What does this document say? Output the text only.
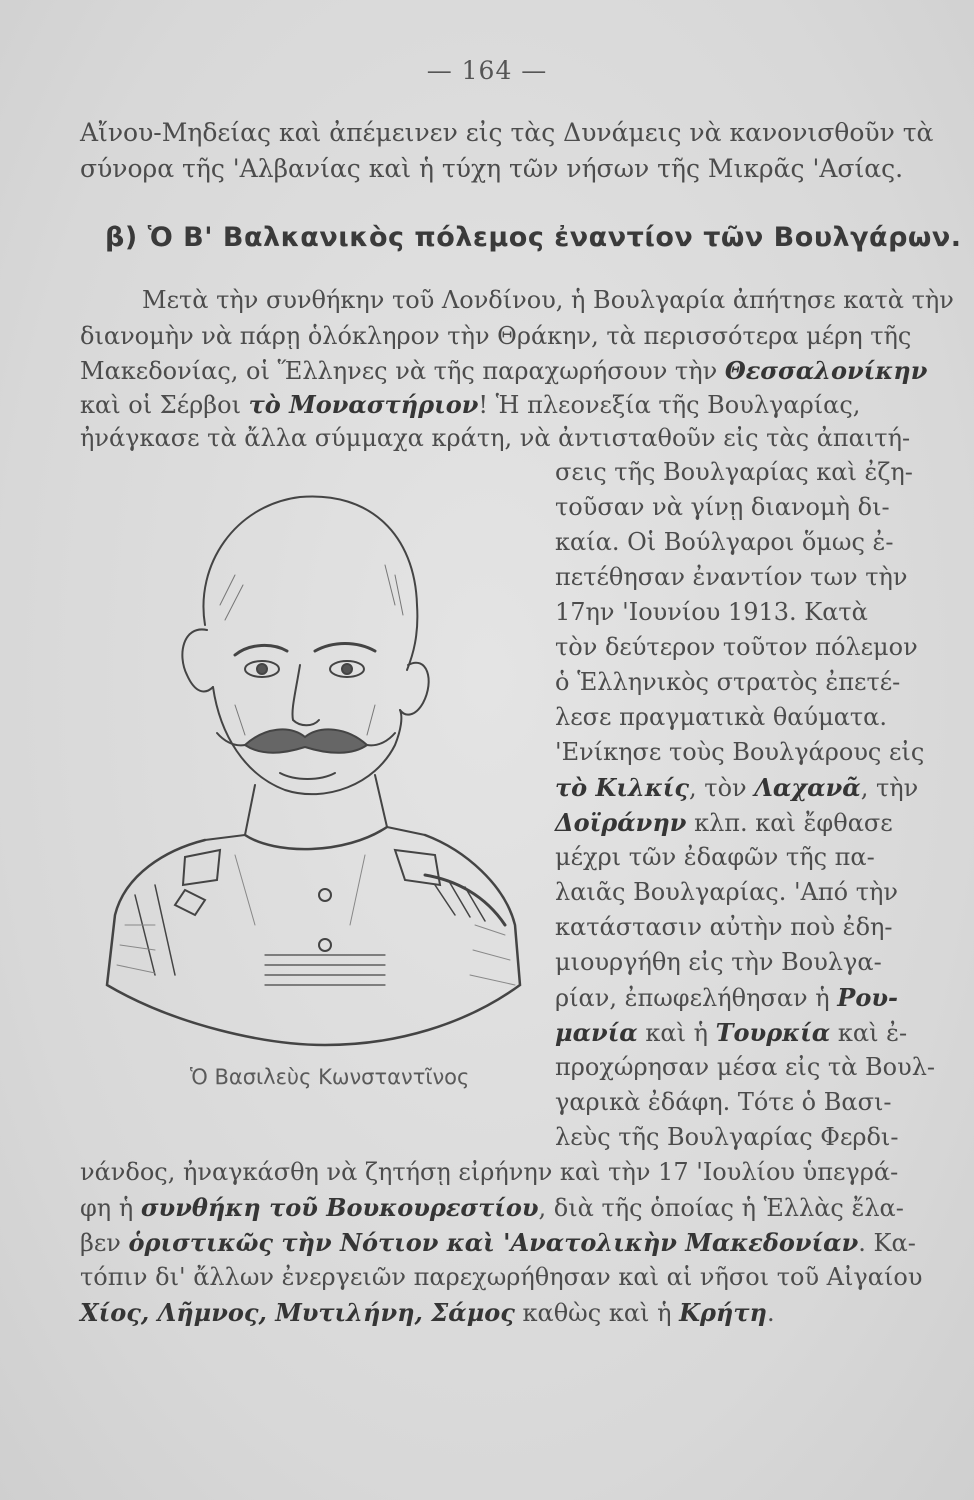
— 164 —
Αἴνου-Μηδείας καὶ ἀπέμεινεν εἰς τὰς Δυνάμεις νὰ κανονισθοῦν τὰ
σύνορα τῆς 'Αλβανίας καὶ ἡ τύχη τῶν νήσων τῆς Μικρᾶς 'Ασίας.
β) Ὁ Β' Βαλκανικὸς πόλεμος ἐναντίον τῶν Βουλγάρων.
Μετὰ τὴν συνθήκην τοῦ Λονδίνου, ἡ Βουλγαρία ἀπήτησε κατὰ τὴν
διανομὴν νὰ πάρῃ ὁλόκληρον τὴν Θράκην, τὰ περισσότερα μέρη τῆς
Μακεδονίας, οἱ Ἕλληνες νὰ τῆς παραχωρήσουν τὴν Θεσσαλονίκην
καὶ οἱ Σέρβοι τὸ Μοναστήριον! Ἡ πλεονεξία τῆς Βουλγαρίας,
ἠνάγκασε τὰ ἄλλα σύμμαχα κράτη, νὰ ἀντισταθοῦν εἰς τὰς ἀπαιτή-
σεις τῆς Βουλγαρίας καὶ ἐζη-
τοῦσαν νὰ γίνῃ διανομὴ δι-
καία. Οἱ Βούλγαροι ὅμως ἐ-
πετέθησαν ἐναντίον των τὴν
17ην 'Ιουνίου 1913. Κατὰ
τὸν δεύτερον τοῦτον πόλεμον
ὁ Ἑλληνικὸς στρατὸς ἐπετέ-
λεσε πραγματικὰ θαύματα.
'Ενίκησε τοὺς Βουλγάρους εἰς
τὸ Κιλκίς, τὸν Λαχανᾶ, τὴν
Δοϊράνην κλπ. καὶ ἔφθασε
μέχρι τῶν ἐδαφῶν τῆς πα-
λαιᾶς Βουλγαρίας. 'Από τὴν
κατάστασιν αὐτὴν ποὺ ἐδη-
μιουργήθη εἰς τὴν Βουλγα-
ρίαν, ἐπωφελήθησαν ἡ Ρου-
μανία καὶ ἡ Τουρκία καὶ ἐ-
προχώρησαν μέσα εἰς τὰ Βουλ-
γαρικὰ ἐδάφη. Τότε ὁ Βασι-
λεὺς τῆς Βουλγαρίας Φερδι-
Ὁ Βασιλεὺς Κωνσταντῖνος
νάνδος, ἠναγκάσθη νὰ ζητήσῃ εἰρήνην καὶ τὴν 17 'Ιουλίου ὑπεγρά-
φη ἡ συνθήκη τοῦ Βουκουρεστίου, διὰ τῆς ὁποίας ἡ Ἑλλὰς ἔλα-
βεν ὁριστικῶς τὴν Νότιον καὶ 'Ανατολικὴν Μακεδονίαν. Κα-
τόπιν δι' ἄλλων ἐνεργειῶν παρεχωρήθησαν καὶ αἱ νῆσοι τοῦ Αἰγαίου
Χίος, Λῆμνος, Μυτιλήνη, Σάμος καθὼς καὶ ἡ Κρήτη.
